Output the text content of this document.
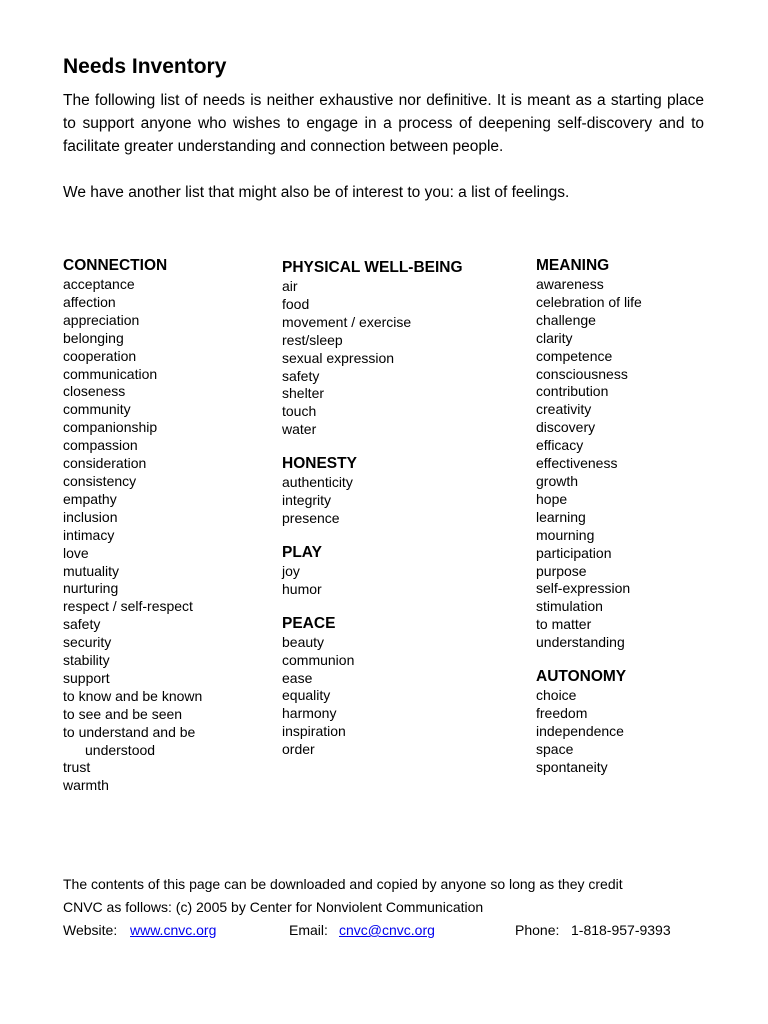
Needs Inventory

The following list of needs is neither exhaustive nor definitive. It is meant as a starting place to support anyone who wishes to engage in a process of deepening self-discovery and to facilitate greater understanding and connection between people.

We have another list that might also be of interest to you: a list of feelings.

CONNECTION
acceptance
affection
appreciation
belonging
cooperation
communication
closeness
community
companionship
compassion
consideration
consistency
empathy
inclusion
intimacy
love
mutuality
nurturing
respect / self-respect
safety
security
stability
support
to know and be known
to see and be seen
to understand and be
understood
trust
warmth
PHYSICAL WELL-BEING
air
food
movement / exercise
rest/sleep
sexual expression
safety
shelter
touch
water
HONESTY
authenticity
integrity
presence
PLAY
joy
humor
PEACE
beauty
communion
ease
equality
harmony
inspiration
order
MEANING
awareness
celebration of life
challenge
clarity
competence
consciousness
contribution
creativity
discovery
efficacy
effectiveness
growth
hope
learning
mourning
participation
purpose
self-expression
stimulation
to matter
understanding
AUTONOMY
choice
freedom
independence
space
spontaneity
The contents of this page can be downloaded and copied by anyone so long as they credit
CNVC as follows: (c) 2005 by Center for Nonviolent Communication
Website: www.cnvc.org	Email: cnvc@cnvc.org	Phone: 1-818-957-9393
